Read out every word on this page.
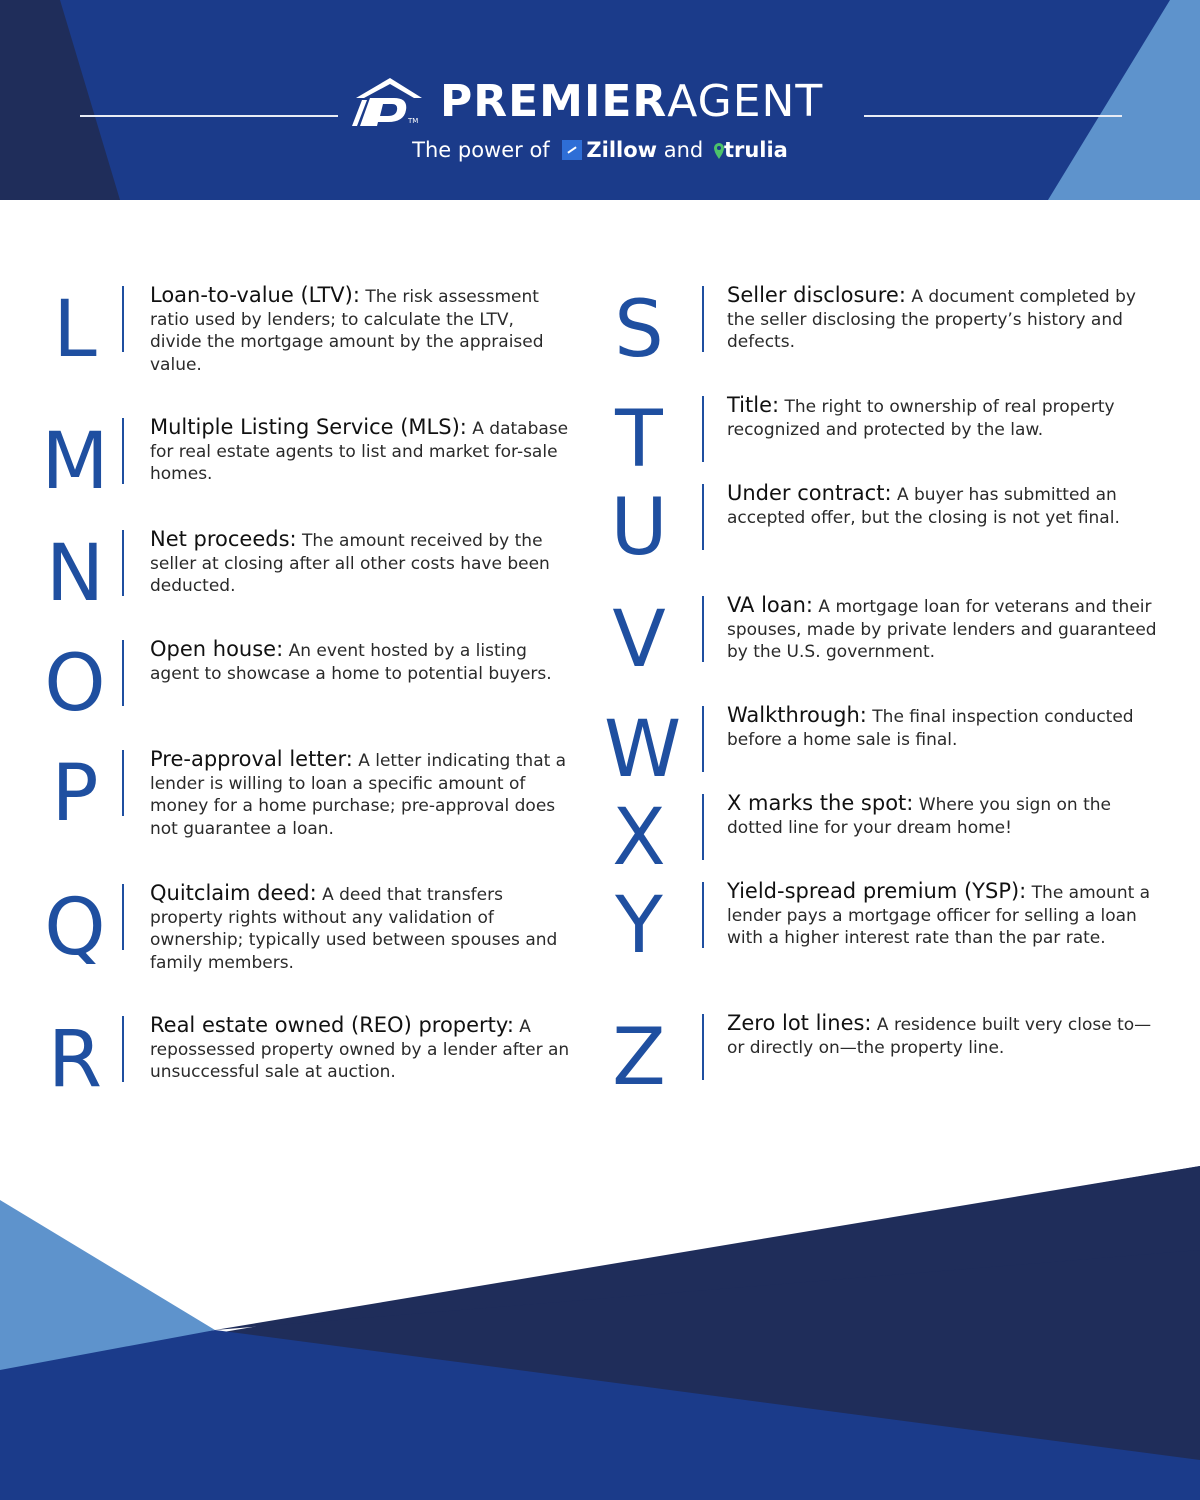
TM PREMIERAGENT
The power of Zillow and trulia
L	Loan-to-value (LTV): The risk assessment ratio used by lenders; to calculate the LTV, divide the mortgage amount by the appraised value.
M Multiple Listing Service (MLS): A database for real estate agents to list and market for-sale homes.
N Net proceeds: The amount received by the seller at closing after all other costs have been deducted.
O Open house: An event hosted by a listing agent to showcase a home to potential buyers.
P	Pre-approval letter: A letter indicating that a lender is willing to loan a specific amount of money for a home purchase; pre-approval does not guarantee a loan.
Q Quitclaim deed: A deed that transfers property rights without any validation of ownership; typically used between spouses and family members.
R	Real estate owned (REO) property: A repossessed property owned by a lender after an unsuccessful sale at auction.
S	Seller disclosure: A document completed by the seller disclosing the property’s history and defects.
T	Title: The right to ownership of real property recognized and protected by the law.
U	Under contract: A buyer has submitted an accepted offer, but the closing is not yet final.
V	VA loan: A mortgage loan for veterans and their spouses, made by private lenders and guaranteed by the U.S. government.
W Walkthrough: The final inspection conducted before a home sale is final.
X	X marks the spot: Where you sign on the dotted line for your dream home!
Y	Yield-spread premium (YSP): The amount a lender pays a mortgage officer for selling a loan with a higher interest rate than the par rate.
Z	Zero lot lines: A residence built very close to—or directly on—the property line.
